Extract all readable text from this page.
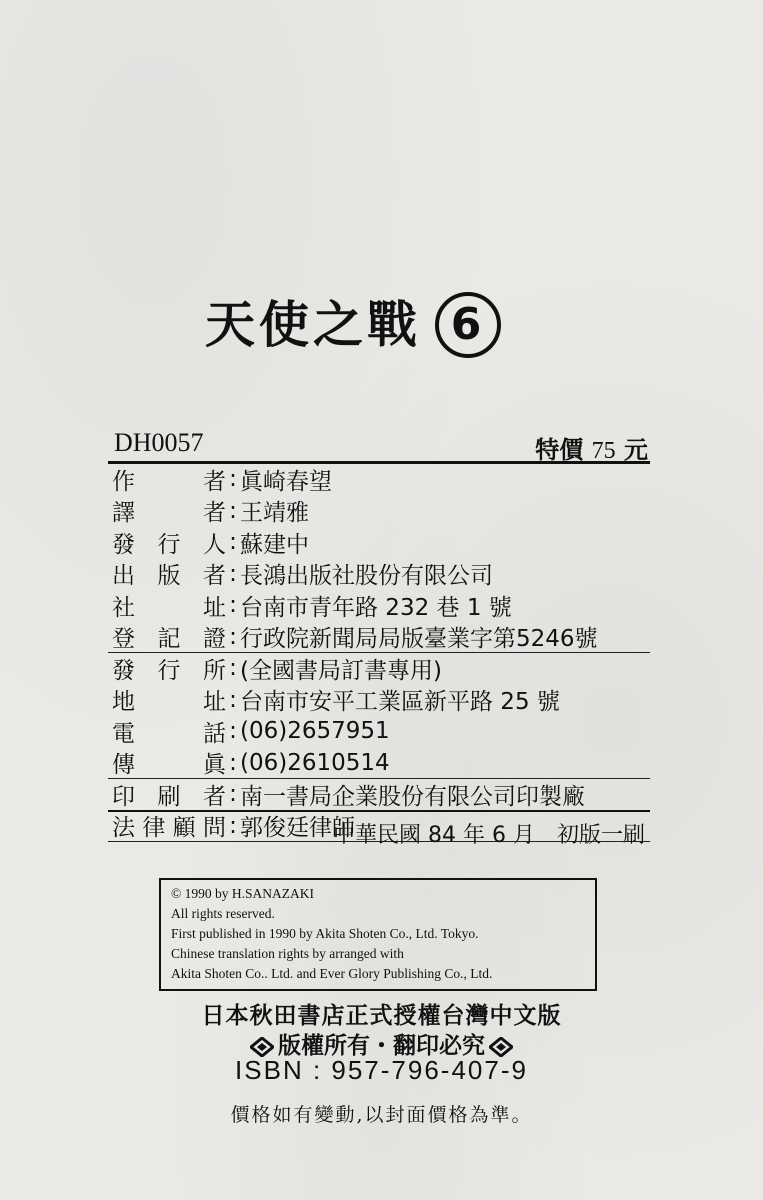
天使之戰 6
DH0057	特價 75 元
作	者 : 眞崎春望
譯	者 : 王靖雅
發 行 人 : 蘇建中
出 版 者 : 長鴻出版社股份有限公司
社	址 : 台南市青年路 232 巷 1 號
登 記 證 : 行政院新聞局局版臺業字第5246號
發 行 所 : (全國書局訂書專用)
地	址 : 台南市安平工業區新平路 25 號
電	話 : (06)2657951
傳	眞 : (06)2610514
印 刷 者 : 南一書局企業股份有限公司印製廠
法 律 顧 問 : 郭俊廷律師
中華民國 84 年 6 月 初版一刷
© 1990 by H.SANAZAKI
All rights reserved.
First published in 1990 by Akita Shoten Co., Ltd. Tokyo.
Chinese translation rights by arranged with
Akita Shoten Co.. Ltd. and Ever Glory Publishing Co., Ltd.
日本秋田書店正式授權台灣中文版
版權所有・翻印必究
ISBN : 957-796-407-9
價格如有變動,以封面價格為準。
